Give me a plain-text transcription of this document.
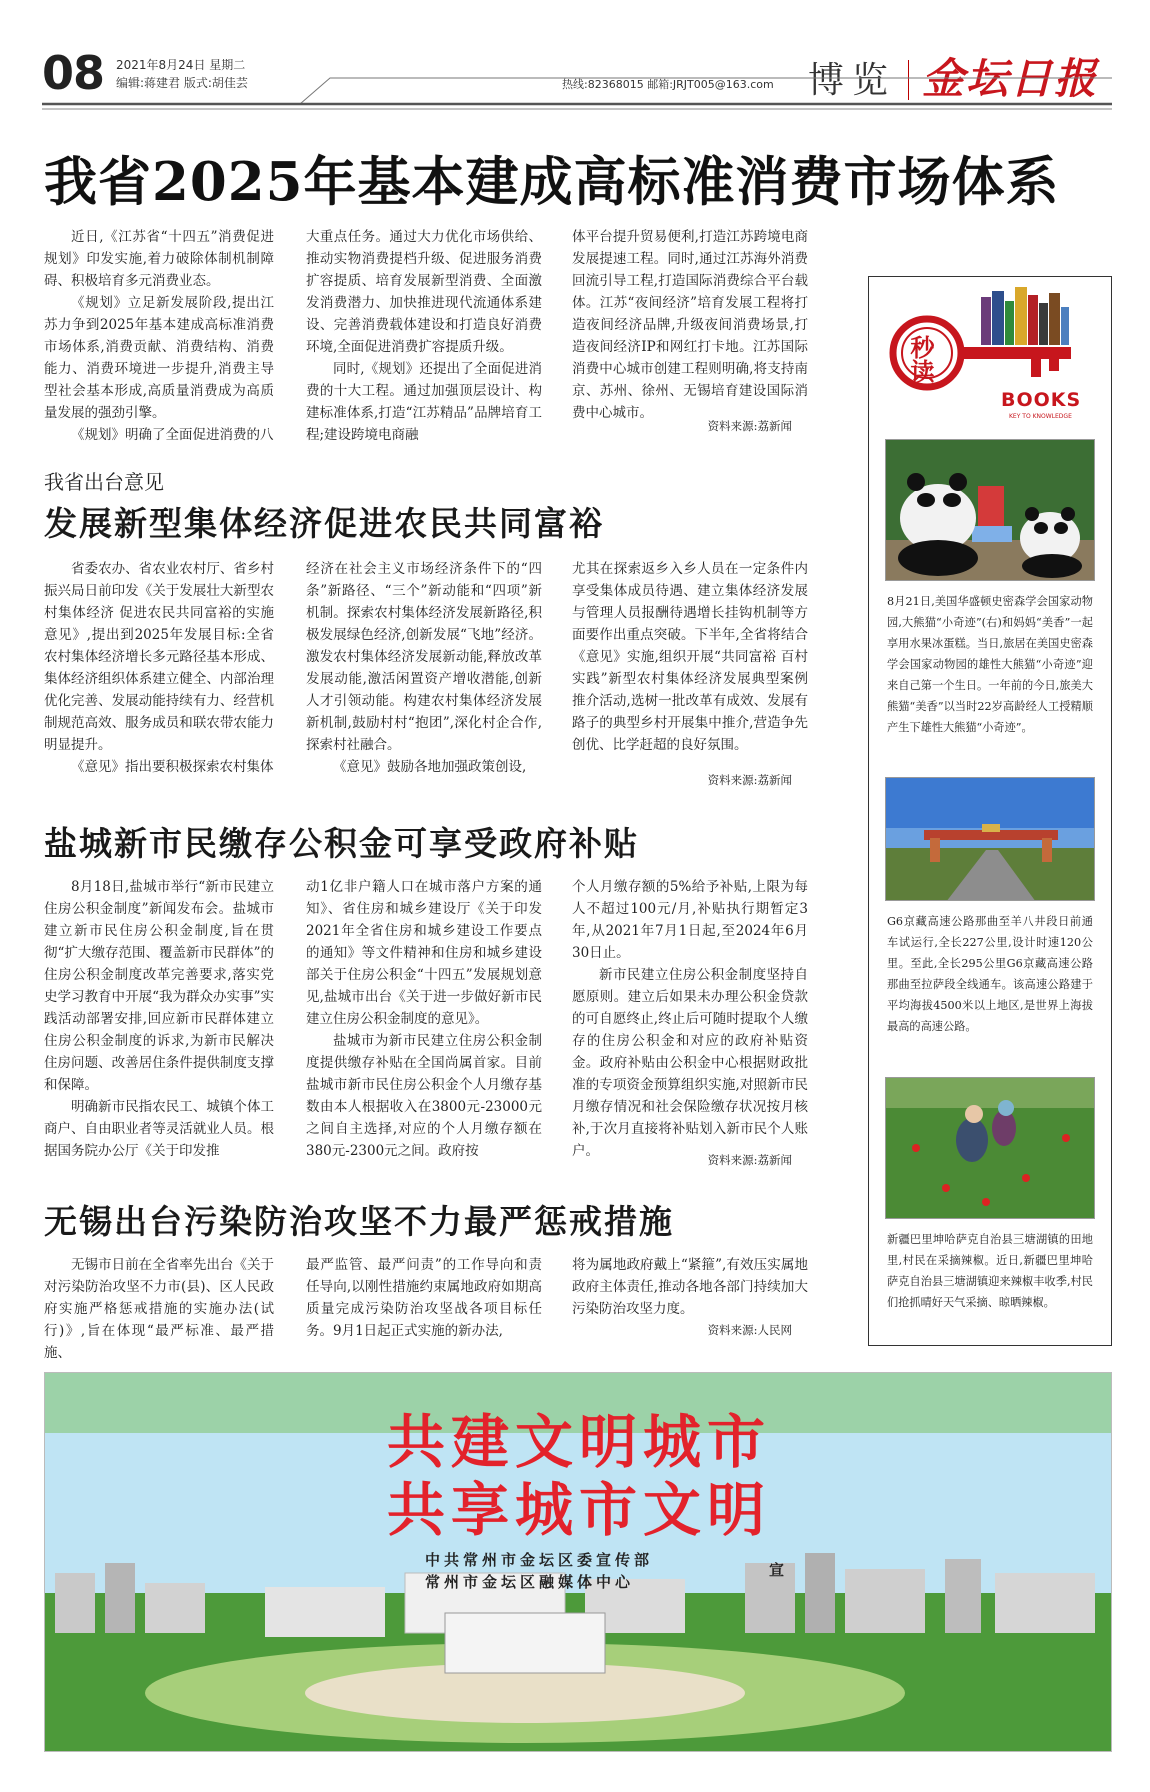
08 2021年8月24日 星期二
编辑:蒋建君 版式:胡佳芸	热线:82368015 邮箱:JRJT005@163.com 博览 金坛日报
我省2025年基本建成高标准消费市场体系

近日,《江苏省“十四五”消费促进规划》印发实施,着力破除体制机制障碍、积极培育多元消费业态。

《规划》立足新发展阶段,提出江苏力争到2025年基本建成高标准消费市场体系,消费贡献、消费结构、消费能力、消费环境进一步提升,消费主导型社会基本形成,高质量消费成为高质量发展的强劲引擎。

《规划》明确了全面促进消费的八

大重点任务。通过大力优化市场供给、推动实物消费提档升级、促进服务消费扩容提质、培育发展新型消费、全面激发消费潜力、加快推进现代流通体系建设、完善消费载体建设和打造良好消费环境,全面促进消费扩容提质升级。

同时,《规划》还提出了全面促进消费的十大工程。通过加强顶层设计、构建标准体系,打造“江苏精品”品牌培育工程;建设跨境电商融

体平台提升贸易便利,打造江苏跨境电商发展提速工程。同时,通过江苏海外消费回流引导工程,打造国际消费综合平台载体。江苏“夜间经济”培育发展工程将打造夜间经济品牌,升级夜间消费场景,打造夜间经济IP和网红打卡地。江苏国际消费中心城市创建工程则明确,将支持南京、苏州、徐州、无锡培育建设国际消费中心城市。

资料来源:荔新闻
我省出台意见
发展新型集体经济促进农民共同富裕

省委农办、省农业农村厅、省乡村振兴局日前印发《关于发展壮大新型农村集体经济 促进农民共同富裕的实施意见》,提出到2025年发展目标:全省农村集体经济增长多元路径基本形成、集体经济组织体系建立健全、内部治理优化完善、发展动能持续有力、经营机制规范高效、服务成员和联农带农能力明显提升。

《意见》指出要积极探索农村集体

经济在社会主义市场经济条件下的“四条”新路径、“三个”新动能和“四项”新机制。探索农村集体经济发展新路径,积极发展绿色经济,创新发展“飞地”经济。激发农村集体经济发展新动能,释放改革发展动能,激活闲置资产增收潜能,创新人才引领动能。构建农村集体经济发展新机制,鼓励村村“抱团”,深化村企合作,探索村社融合。

《意见》鼓励各地加强政策创设,

尤其在探索返乡入乡人员在一定条件内享受集体成员待遇、建立集体经济发展与管理人员报酬待遇增长挂钩机制等方面要作出重点突破。下半年,全省将结合《意见》实施,组织开展“共同富裕 百村实践”新型农村集体经济发展典型案例推介活动,选树一批改革有成效、发展有路子的典型乡村开展集中推介,营造争先创优、比学赶超的良好氛围。

资料来源:荔新闻
盐城新市民缴存公积金可享受政府补贴

8月18日,盐城市举行“新市民建立住房公积金制度”新闻发布会。盐城市建立新市民住房公积金制度,旨在贯彻“扩大缴存范围、覆盖新市民群体”的住房公积金制度改革完善要求,落实党史学习教育中开展“我为群众办实事”实践活动部署安排,回应新市民群体建立住房公积金制度的诉求,为新市民解决住房问题、改善居住条件提供制度支撑和保障。

明确新市民指农民工、城镇个体工商户、自由职业者等灵活就业人员。根据国务院办公厅《关于印发推

动1亿非户籍人口在城市落户方案的通知》、省住房和城乡建设厅《关于印发2021年全省住房和城乡建设工作要点的通知》等文件精神和住房和城乡建设部关于住房公积金“十四五”发展规划意见,盐城市出台《关于进一步做好新市民建立住房公积金制度的意见》。

盐城市为新市民建立住房公积金制度提供缴存补贴在全国尚属首家。目前盐城市新市民住房公积金个人月缴存基数由本人根据收入在3800元-23000元之间自主选择,对应的个人月缴存额在380元-2300元之间。政府按

个人月缴存额的5%给予补贴,上限为每人不超过100元/月,补贴执行期暂定3年,从2021年7月1日起,至2024年6月30日止。

新市民建立住房公积金制度坚持自愿原则。建立后如果未办理公积金贷款的可自愿终止,终止后可随时提取个人缴存的住房公积金和对应的政府补贴资金。政府补贴由公积金中心根据财政批准的专项资金预算组织实施,对照新市民月缴存情况和社会保险缴存状况按月核补,于次月直接将补贴划入新市民个人账户。

资料来源:荔新闻
无锡出台污染防治攻坚不力最严惩戒措施

无锡市日前在全省率先出台《关于对污染防治攻坚不力市(县)、区人民政府实施严格惩戒措施的实施办法(试行)》,旨在体现“最严标准、最严措施、

最严监管、最严问责”的工作导向和责任导向,以刚性措施约束属地政府如期高质量完成污染防治攻坚战各项目标任务。9月1日起正式实施的新办法,

将为属地政府戴上“紧箍”,有效压实属地政府主体责任,推动各地各部门持续加大污染防治攻坚力度。

资料来源:人民网
秒读
BOOKS
KEY TO KNOWLEDGE
8月21日,美国华盛顿史密森学会国家动物园,大熊猫“小奇迹”(右)和妈妈“美香”一起享用水果冰蛋糕。当日,旅居在美国史密森学会国家动物园的雄性大熊猫“小奇迹”迎来自己第一个生日。一年前的今日,旅美大熊猫“美香”以当时22岁高龄经人工授精顺产生下雄性大熊猫“小奇迹”。
G6京藏高速公路那曲至羊八井段日前通车试运行,全长227公里,设计时速120公里。至此,全长295公里G6京藏高速公路那曲至拉萨段全线通车。该高速公路建于平均海拔4500米以上地区,是世界上海拔最高的高速公路。
新疆巴里坤哈萨克自治县三塘湖镇的田地里,村民在采摘辣椒。近日,新疆巴里坤哈萨克自治县三塘湖镇迎来辣椒丰收季,村民们抢抓晴好天气采摘、晾晒辣椒。
共建文明城市
共享城市文明
中共常州市金坛区委宣传部
常州市金坛区融媒体中心
宣
